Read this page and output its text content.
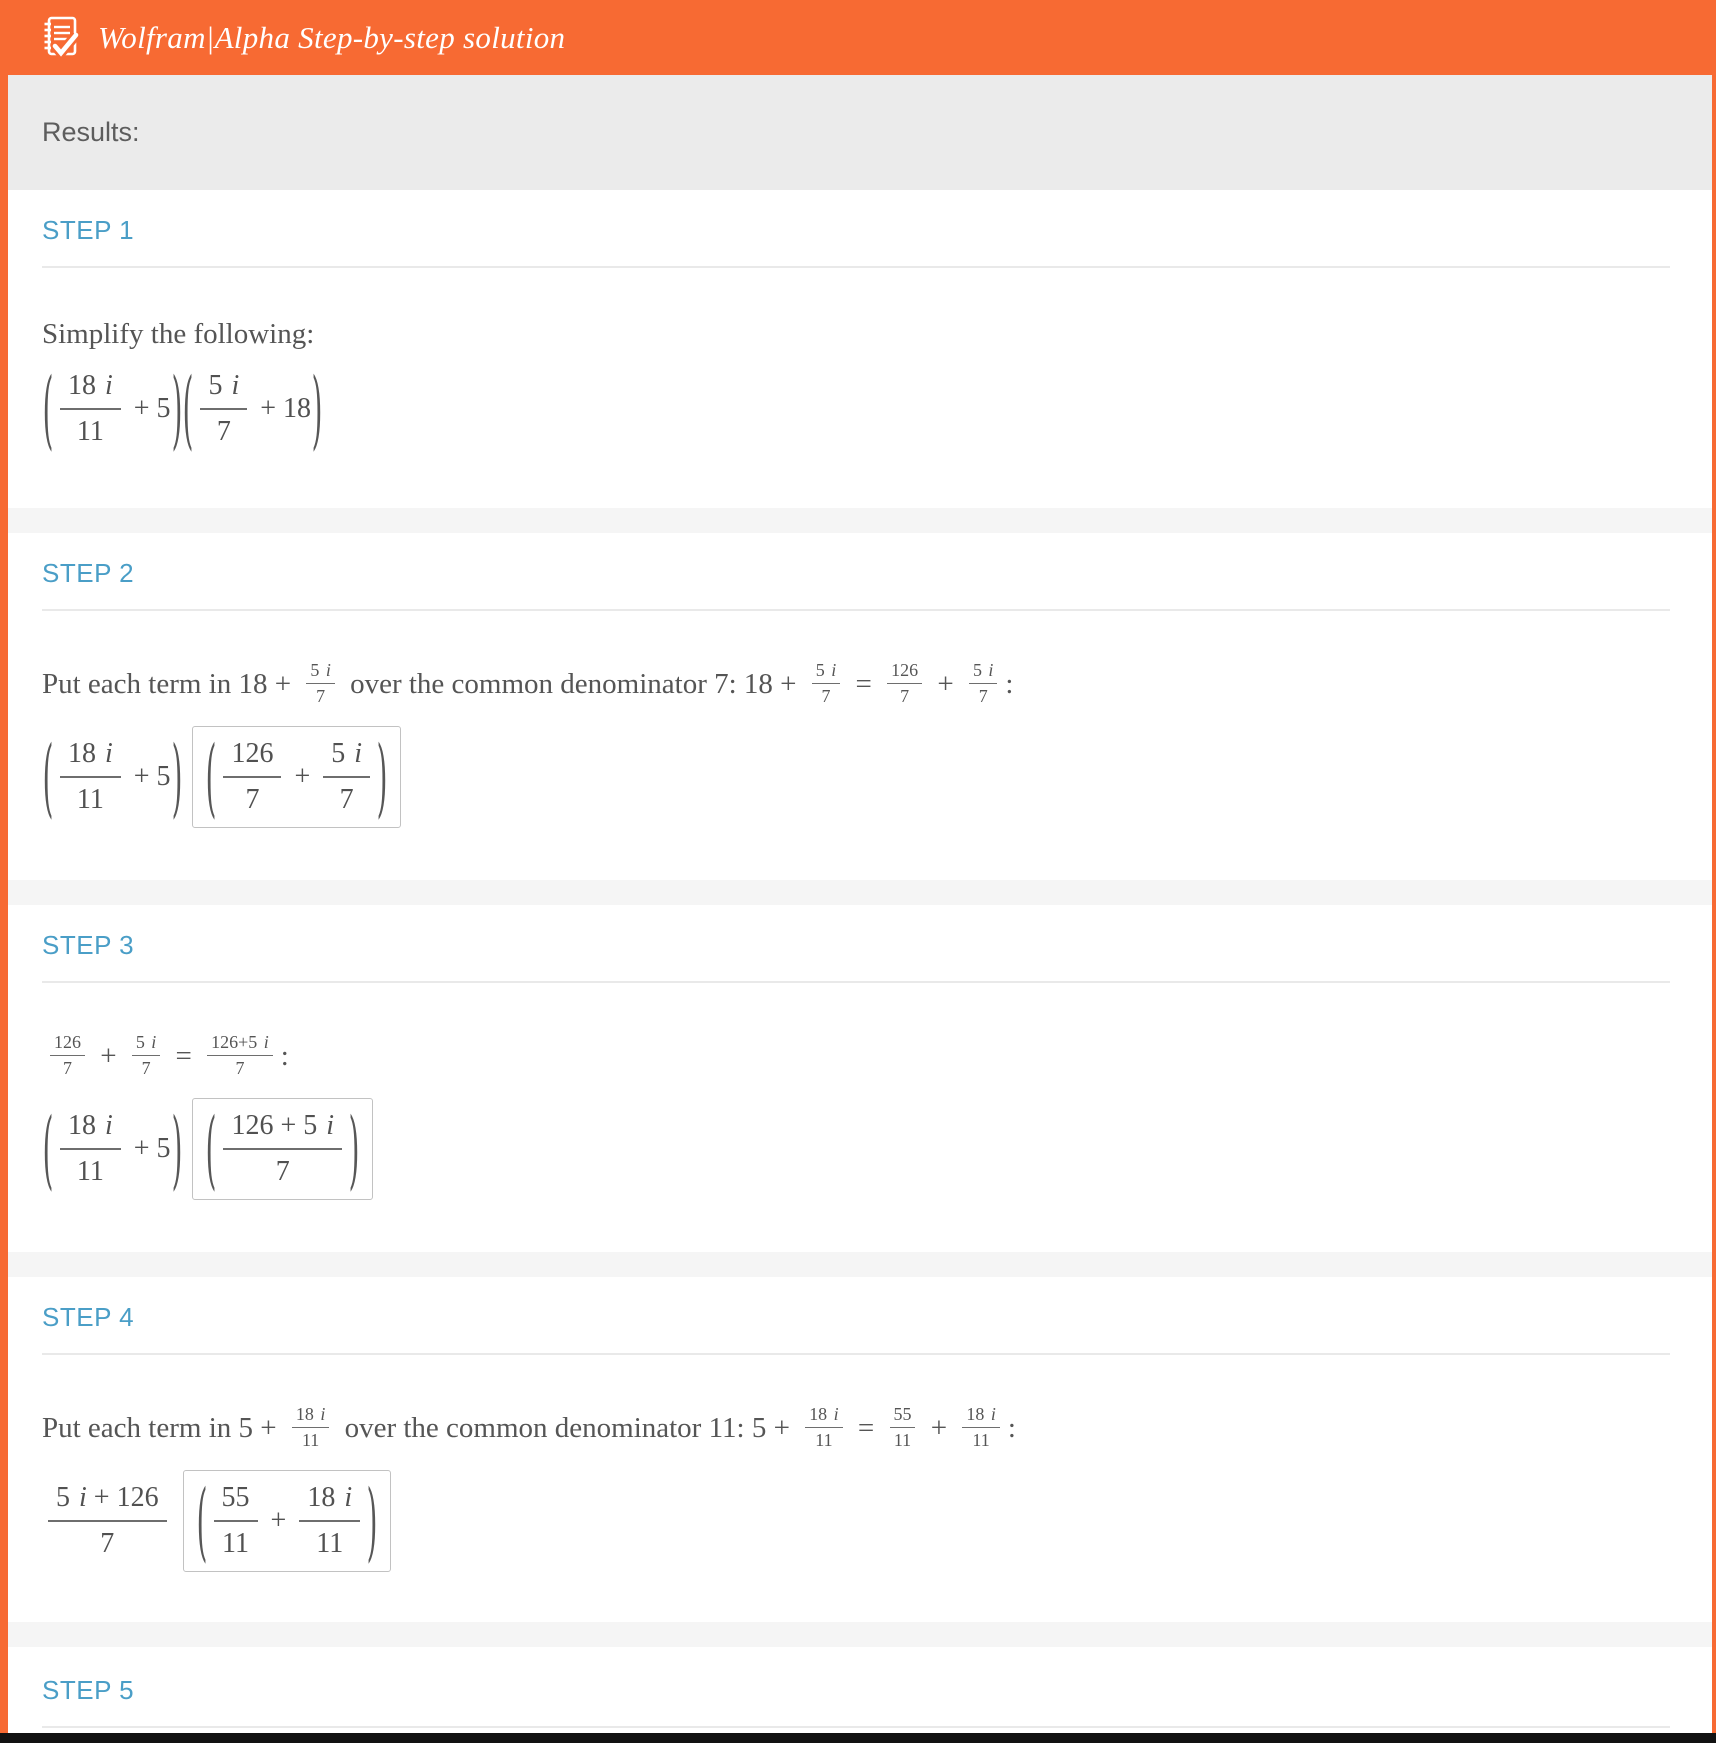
Wolfram|Alpha Step-by-step solution
Results:
STEP 1
Simplify the following:
( $\frac{18 i}{11} + 5$ ) ( $\frac{5 i}{7} + 18$ )
STEP 2
Put each term in $18 + \frac{5 i}{7}$ over the common denominator 7: $18 + \frac{5 i}{7} = \frac{126}{7} + \frac{5 i}{7}$ :
( $\frac{18 i}{11} + 5$ ) ( $\frac{126}{7} + \frac{5 i}{7}$ )
STEP 3
$\frac{126}{7} + \frac{5 i}{7} = \frac{126+5 i}{7}$ :
( $\frac{18 i}{11} + 5$ ) ( $\frac{126 + 5 i}{7}$ )
STEP 4
Put each term in $5 + \frac{18 i}{11}$ over the common denominator 11: $5 + \frac{18 i}{11} = \frac{55}{11} + \frac{18 i}{11}$ :
$\frac{5 i + 126}{7}$ ( $\frac{55}{11} + \frac{18 i}{11}$ )
STEP 5
